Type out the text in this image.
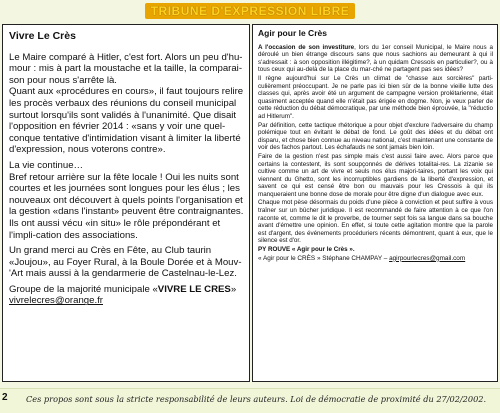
TRIBUNE D'EXPRESSION LIBRE
Vivre Le Crès

Le Maire comparé à Hitler, c'est fort. Alors un peu d'hu-mour : mis à part la moustache et la taille, la comparai-son pour nous s'arrête là.

Quant aux «procédures en cours», il faut toujours relire les procès verbaux des réunions du conseil municipal surtout lorsqu'ils sont validés à l'unanimité. Que disait l'opposition en février 2014 : «sans y voir une quel-conque tentative d'intimidation visant à limiter la liberté d'expression, nous voterons contre».

La vie continue…

Bref retour arrière sur la fête locale ! Oui les nuits sont courtes et les journées sont longues pour les élus ; les nouveaux ont découvert à quels points l'organisation et la gestion «dans l'instant» peuvent être contraignantes.

Ils ont aussi vécu «in situ» le rôle prépondérant et l'impli-cation des associations.

Un grand merci au Crès en Fête, au Club taurin «Joujou», au Foyer Rural, à la Boule Dorée et à Mouv-'Art mais aussi à la gendarmerie de Castelnau-le-Lez.

Groupe de la majorité municipale «VIVRE LE CRES»

vivrelecres@orange.fr

Agir pour le Crès

A l'occasion de son investiture, lors du 1er conseil Municipal, le Maire nous a déroulé un bien étrange discours sans que nous sachions au demeurant à qui il s'adressait : à son opposition illégitime?, à un quidam Cressois en particulier?, ou à tous ceux qui au-delà de la place du mar-ché ne partagent pas ses idées?

Il règne aujourd'hui sur Le Crès un climat de "chasse aux sorcières" parti-culièrement préoccupant. Je ne parle pas ici bien sûr de la bonne vieille lutte des classes qui, après avoir été un argument de campagne version prolétarienne, était quasiment acceptée quand elle n'était pas érigée en dogme. Non, je veux parler de cette réduction du débat démocratique, par une méthode bien éprouvée, la "réductio ad Hitlerum".

Par définition, cette tactique rhétorique a pour objet d'exclure l'adversaire du champ polémique tout en évitant le débat de fond. Le goût des idées et du débat ont disparu, et chose bien connue au niveau national, c'est maintenant une constante de voir des fachos partout. Les échafauds ne sont jamais bien loin.

Faire de la gestion n'est pas simple mais c'est aussi faire avec. Alors parce que certains la contestent, ils sont soupçonnés de dérives totalitai-res. La zizanie se cultive comme un art de vivre et seuls nos élus majori-taires, portant les voix qui viennent du Ghetto, sont les incorruptibles gardiens de la liberté d'expression, et savent ce qui est censé être bon ou mauvais pour les Cressois à qui ils manqueraient une bonne dose de morale pour être digne d'un dialogue avec eux.

Chaque mot pèse désormais du poids d'une pièce à conviction et peut suffire à vous traîner sur un bûcher juridique. Il est recommandé de faire attention à ce que l'on raconte et, comme le dit le proverbe, de tourner sept fois sa langue dans sa bouche avant d'émettre une opinion. En effet, si toute cette agitation montre que la parole est d'argent, des événements procéduriers récents démontrent, quant à eux, que le silence est d'or.

PY ROUVE « Agir pour le Crès ».

« Agir pour le CRÈS » Stéphane CHAMPAY – agirpourlecres@gmail.com

2 Ces propos sont sous la stricte responsabilité de leurs auteurs. Loi de démocratie de proximité du 27/02/2002.
